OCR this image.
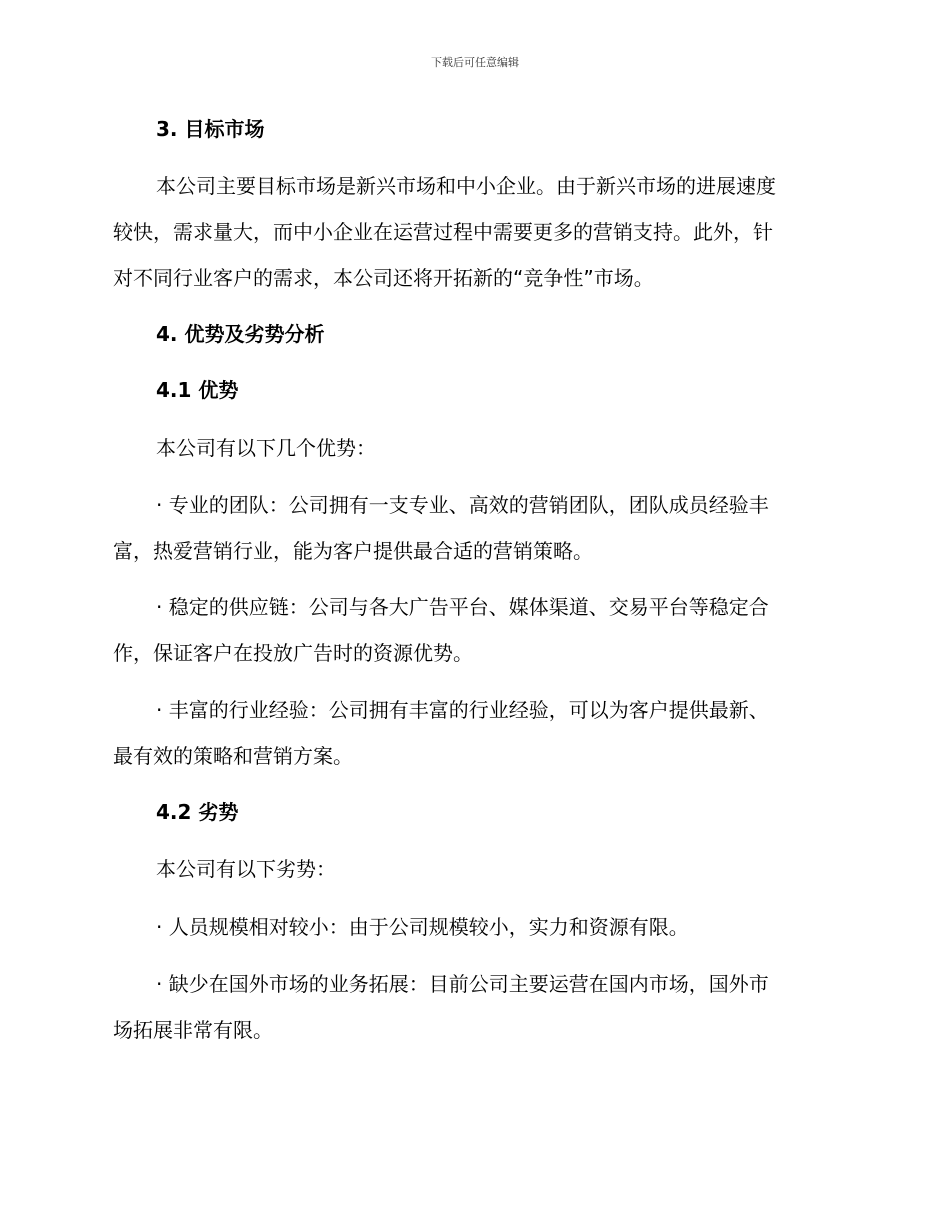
下载后可任意编辑
3. 目标市场
本公司主要目标市场是新兴市场和中小企业。由于新兴市场的进展速度
较快，需求量大，而中小企业在运营过程中需要更多的营销支持。此外，针
对不同行业客户的需求，本公司还将开拓新的“竞争性”市场。
4. 优势及劣势分析
4.1 优势
本公司有以下几个优势：
· 专业的团队：公司拥有一支专业、高效的营销团队，团队成员经验丰
富，热爱营销行业，能为客户提供最合适的营销策略。
· 稳定的供应链：公司与各大广告平台、媒体渠道、交易平台等稳定合
作，保证客户在投放广告时的资源优势。
· 丰富的行业经验：公司拥有丰富的行业经验，可以为客户提供最新、
最有效的策略和营销方案。
4.2 劣势
本公司有以下劣势：
· 人员规模相对较小：由于公司规模较小，实力和资源有限。
· 缺少在国外市场的业务拓展：目前公司主要运营在国内市场，国外市
场拓展非常有限。
